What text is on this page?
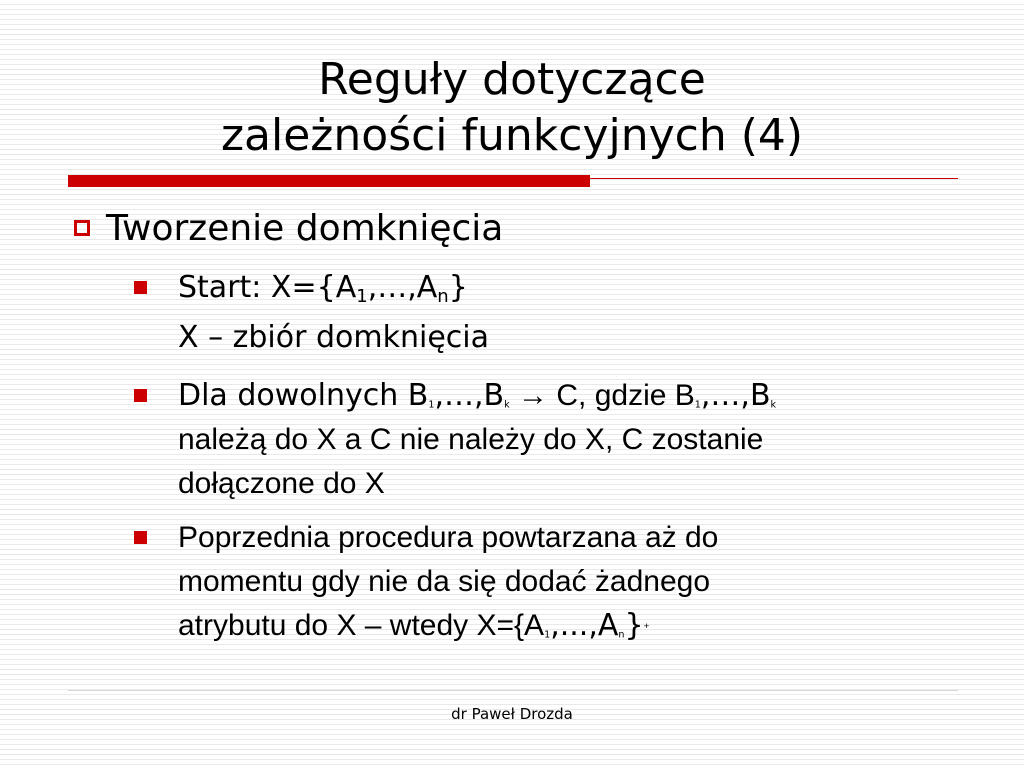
Reguły dotyczące
zależności funkcyjnych (4)
Tworzenie domknięcia
Start: $X=\{A_1,\dots,A_n\}$
X – zbiór domknięcia
Dla dowolnych $B_1,\dots,B_k \to C$, gdzie $B_1,\dots,B_k$
należą do X a C nie należy do X, C zostanie
dołączone do X
Poprzednia procedura powtarzana aż do
momentu gdy nie da się dodać żadnego
atrybutu do X – wtedy $X=\{A_1,...,A_n\}^+$
dr Paweł Drozda
